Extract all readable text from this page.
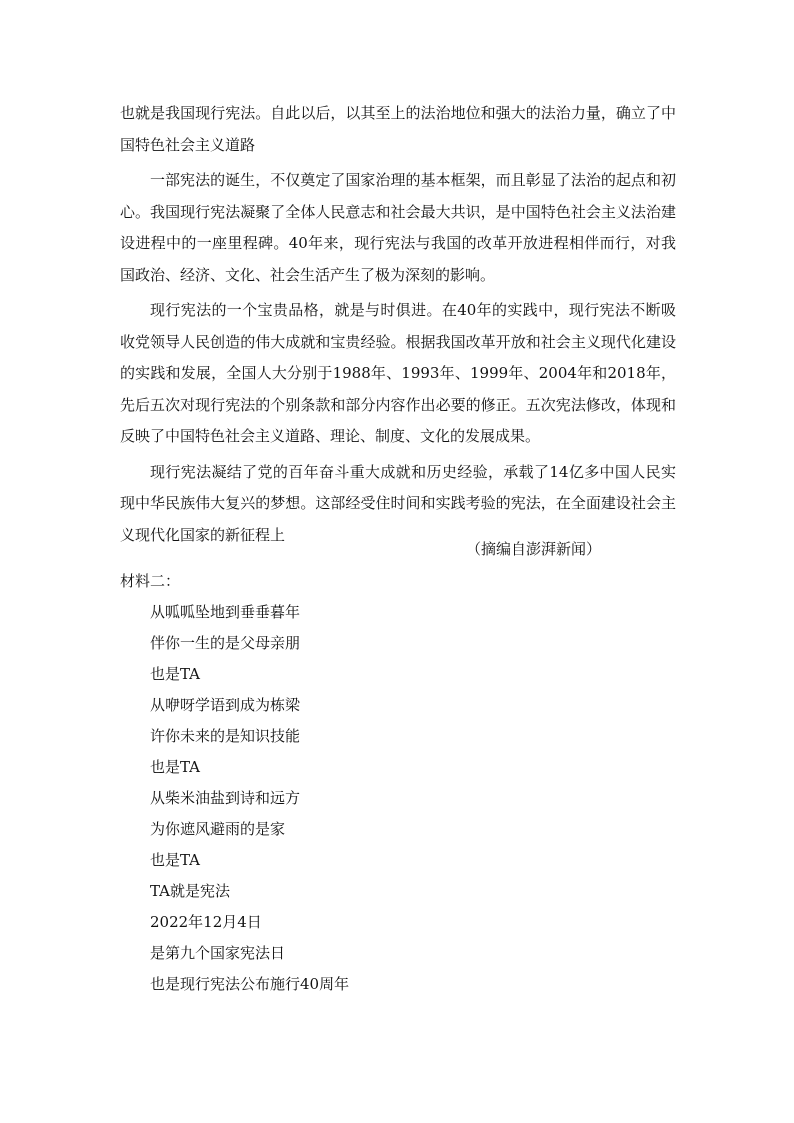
也就是我国现行宪法。自此以后，以其至上的法治地位和强大的法治力量，确立了中国特色社会主义道路

一部宪法的诞生，不仅奠定了国家治理的基本框架，而且彰显了法治的起点和初心。我国现行宪法凝聚了全体人民意志和社会最大共识，是中国特色社会主义法治建设进程中的一座里程碑。40年来，现行宪法与我国的改革开放进程相伴而行，对我国政治、经济、文化、社会生活产生了极为深刻的影响。

现行宪法的一个宝贵品格，就是与时俱进。在40年的实践中，现行宪法不断吸收党领导人民创造的伟大成就和宝贵经验。根据我国改革开放和社会主义现代化建设的实践和发展，全国人大分别于1988年、1993年、1999年、2004年和2018年，先后五次对现行宪法的个别条款和部分内容作出必要的修正。五次宪法修改，体现和反映了中国特色社会主义道路、理论、制度、文化的发展成果。

现行宪法凝结了党的百年奋斗重大成就和历史经验，承载了14亿多中国人民实现中华民族伟大复兴的梦想。这部经受住时间和实践考验的宪法，在全面建设社会主义现代化国家的新征程上

（摘编自澎湃新闻）
材料二：
从呱呱坠地到垂垂暮年
伴你一生的是父母亲朋
也是TA
从咿呀学语到成为栋梁
许你未来的是知识技能
也是TA
从柴米油盐到诗和远方
为你遮风避雨的是家
也是TA
TA就是宪法
2022年12月4日
是第九个国家宪法日
也是现行宪法公布施行40周年
